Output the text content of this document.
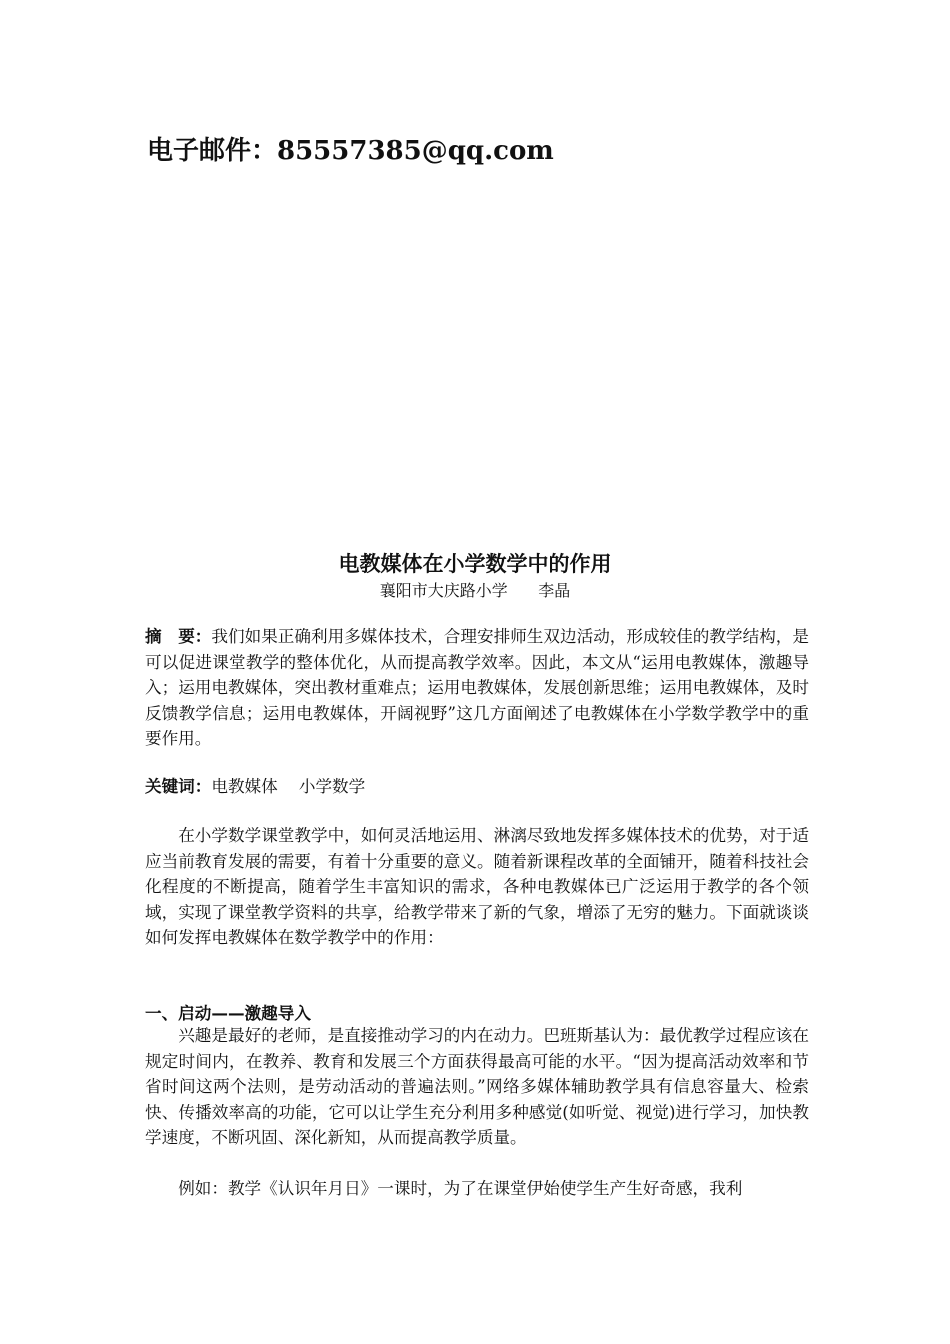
电子邮件：85557385@qq.com
电教媒体在小学数学中的作用
襄阳市大庆路小学 李晶
摘　要：我们如果正确利用多媒体技术，合理安排师生双边活动，形成较佳的教学结构，是可以促进课堂教学的整体优化，从而提高教学效率。因此，本文从“运用电教媒体，激趣导入；运用电教媒体，突出教材重难点；运用电教媒体，发展创新思维；运用电教媒体，及时反馈教学信息；运用电教媒体，开阔视野”这几方面阐述了电教媒体在小学数学教学中的重要作用。
关键词：电教媒体 小学数学
在小学数学课堂教学中，如何灵活地运用、淋漓尽致地发挥多媒体技术的优势，对于适应当前教育发展的需要，有着十分重要的意义。随着新课程改革的全面铺开，随着科技社会化程度的不断提高，随着学生丰富知识的需求，各种电教媒体已广泛运用于教学的各个领域，实现了课堂教学资料的共享，给教学带来了新的气象，增添了无穷的魅力。下面就谈谈如何发挥电教媒体在数学教学中的作用：
一、启动——激趣导入
兴趣是最好的老师，是直接推动学习的内在动力。巴班斯基认为：最优教学过程应该在规定时间内，在教养、教育和发展三个方面获得最高可能的水平。“因为提高活动效率和节省时间这两个法则，是劳动活动的普遍法则。”网络多媒体辅助教学具有信息容量大、检索快、传播效率高的功能，它可以让学生充分利用多种感觉(如听觉、视觉)进行学习，加快教学速度，不断巩固、深化新知，从而提高教学质量。
例如：教学《认识年月日》一课时，为了在课堂伊始使学生产生好奇感，我利
